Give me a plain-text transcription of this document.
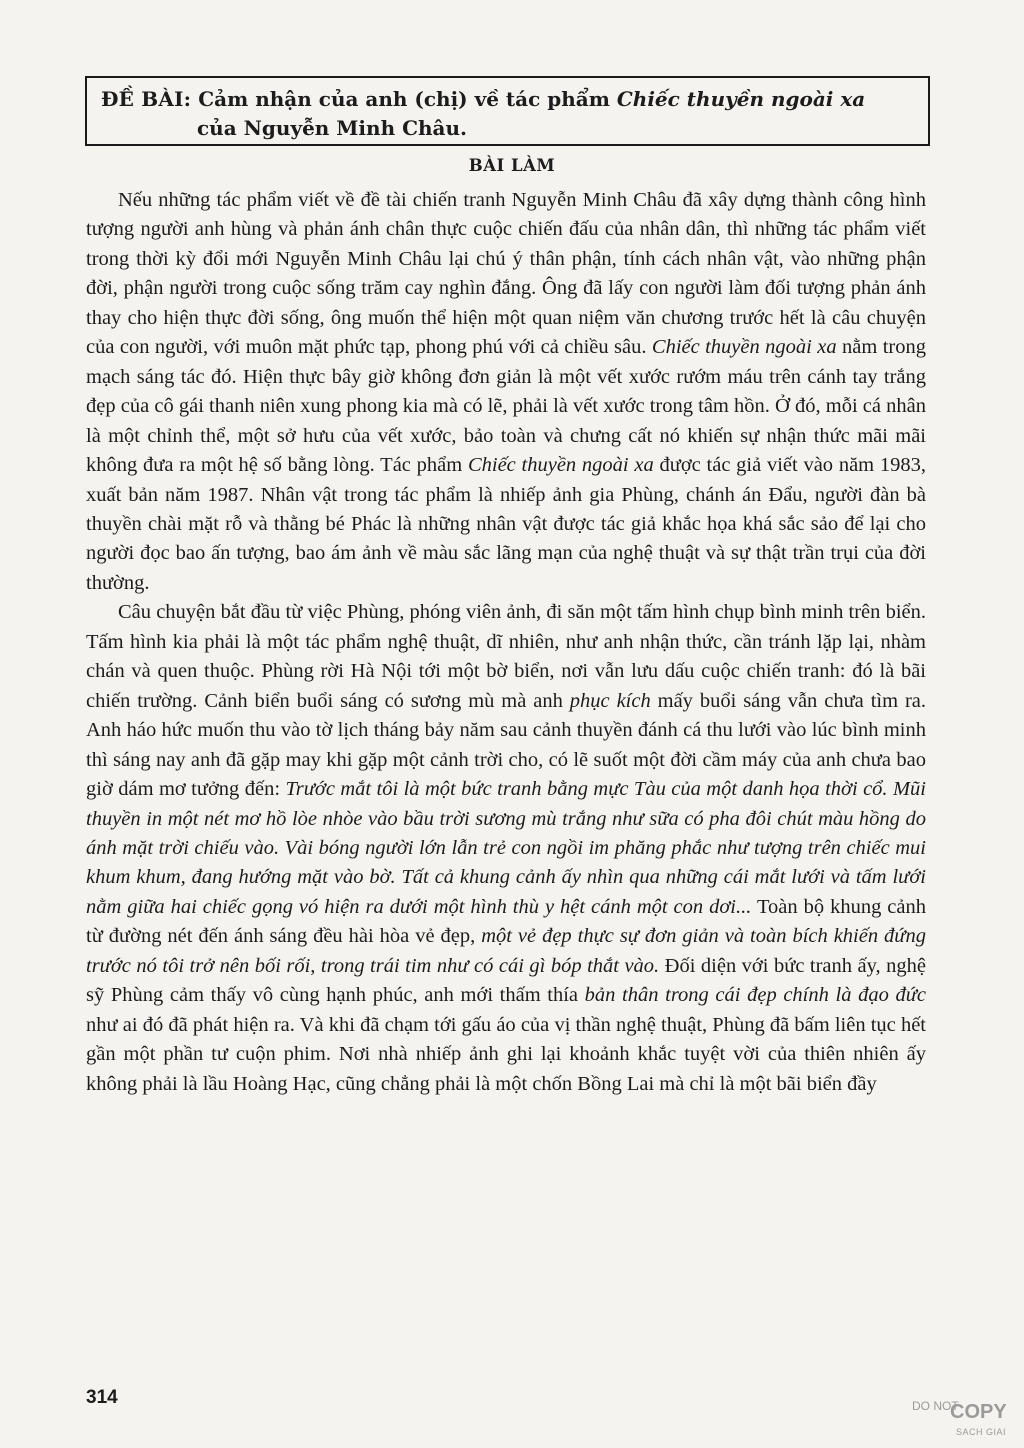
ĐỀ BÀI: Cảm nhận của anh (chị) về tác phẩm Chiếc thuyền ngoài xa
của Nguyễn Minh Châu.
BÀI LÀM

Nếu những tác phẩm viết về đề tài chiến tranh Nguyễn Minh Châu đã xây dựng thành công hình tượng người anh hùng và phản ánh chân thực cuộc chiến đấu của nhân dân, thì những tác phẩm viết trong thời kỳ đổi mới Nguyễn Minh Châu lại chú ý thân phận, tính cách nhân vật, vào những phận đời, phận người trong cuộc sống trăm cay nghìn đắng. Ông đã lấy con người làm đối tượng phản ánh thay cho hiện thực đời sống, ông muốn thể hiện một quan niệm văn chương trước hết là câu chuyện của con người, với muôn mặt phức tạp, phong phú với cả chiều sâu. Chiếc thuyền ngoài xa nằm trong mạch sáng tác đó. Hiện thực bây giờ không đơn giản là một vết xước rướm máu trên cánh tay trắng đẹp của cô gái thanh niên xung phong kia mà có lẽ, phải là vết xước trong tâm hồn. Ở đó, mỗi cá nhân là một chỉnh thể, một sở hưu của vết xước, bảo toàn và chưng cất nó khiến sự nhận thức mãi mãi không đưa ra một hệ số bằng lòng. Tác phẩm Chiếc thuyền ngoài xa được tác giả viết vào năm 1983, xuất bản năm 1987. Nhân vật trong tác phẩm là nhiếp ảnh gia Phùng, chánh án Đẩu, người đàn bà thuyền chài mặt rỗ và thằng bé Phác là những nhân vật được tác giả khắc họa khá sắc sảo để lại cho người đọc bao ấn tượng, bao ám ảnh về màu sắc lãng mạn của nghệ thuật và sự thật trần trụi của đời thường.

Câu chuyện bắt đầu từ việc Phùng, phóng viên ảnh, đi săn một tấm hình chụp bình minh trên biển. Tấm hình kia phải là một tác phẩm nghệ thuật, dĩ nhiên, như anh nhận thức, cần tránh lặp lại, nhàm chán và quen thuộc. Phùng rời Hà Nội tới một bờ biển, nơi vẫn lưu dấu cuộc chiến tranh: đó là bãi chiến trường. Cảnh biển buổi sáng có sương mù mà anh phục kích mấy buổi sáng vẫn chưa tìm ra. Anh háo hức muốn thu vào tờ lịch tháng bảy năm sau cảnh thuyền đánh cá thu lưới vào lúc bình minh thì sáng nay anh đã gặp may khi gặp một cảnh trời cho, có lẽ suốt một đời cầm máy của anh chưa bao giờ dám mơ tưởng đến: Trước mắt tôi là một bức tranh bằng mực Tàu của một danh họa thời cổ. Mũi thuyền in một nét mơ hồ lòe nhòe vào bầu trời sương mù trắng như sữa có pha đôi chút màu hồng do ánh mặt trời chiếu vào. Vài bóng người lớn lẫn trẻ con ngồi im phăng phắc như tượng trên chiếc mui khum khum, đang hướng mặt vào bờ. Tất cả khung cảnh ấy nhìn qua những cái mắt lưới và tấm lưới nằm giữa hai chiếc gọng vó hiện ra dưới một hình thù y hệt cánh một con dơi... Toàn bộ khung cảnh từ đường nét đến ánh sáng đều hài hòa vẻ đẹp, một vẻ đẹp thực sự đơn giản và toàn bích khiến đứng trước nó tôi trở nên bối rối, trong trái tim như có cái gì bóp thắt vào. Đối diện với bức tranh ấy, nghệ sỹ Phùng cảm thấy vô cùng hạnh phúc, anh mới thấm thía bản thân trong cái đẹp chính là đạo đức như ai đó đã phát hiện ra. Và khi đã chạm tới gấu áo của vị thần nghệ thuật, Phùng đã bấm liên tục hết gần một phần tư cuộn phim. Nơi nhà nhiếp ảnh ghi lại khoảnh khắc tuyệt vời của thiên nhiên ấy không phải là lầu Hoàng Hạc, cũng chẳng phải là một chốn Bồng Lai mà chỉ là một bãi biển đầy

314	DO NOT
COPY
SACH GIAI
